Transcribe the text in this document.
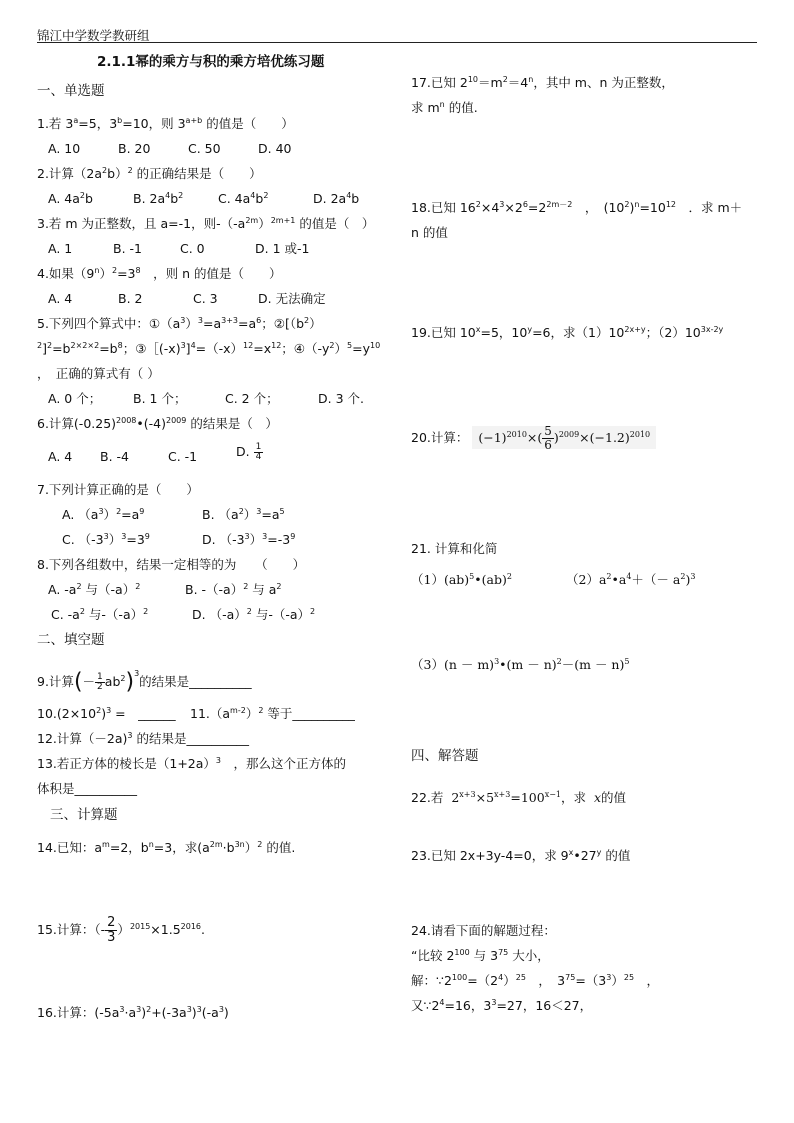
锦江中学数学教研组
2.1.1幂的乘方与积的乘方培优练习题
一、单选题
1.若 $3^a=5$，$3^b=10$，则 $3^{a+b}$ 的值是（　　）
A. 10	B. 20	C. 50	D. 40
2.计算$(2a^2b)^2$ 的正确结果是（　　）
A. $4a^2b$	B. $2a^4b^2$	C. $4a^4b^2$	D. $2a^4b$
3.若 m 为正整数，且 a=-1，则$-(-a^{2m})^{2m+1}$ 的值是（　）
A. 1	B. -1	C. 0	D. 1 或-1
4.如果$(9^n)^2=3^8$　，则 n 的值是（　　）
A. 4	B. 2	C. 3	D. 无法确定
5.下列四个算式中：$①(a^3)^3=a^{3+3}=a^6$；$②[(b^2)$
$^2]^2=b^{2\times 2\times 2}=b^8$；$③[(-x)^3]^4=(-x)^{12}=x^{12}$；$④(-y^2)^5=y^{10}$
，　正确的算式有（ ）
A. 0 个；	B. 1 个；	C. 2 个；	D. 3 个.
6.计算$(-0.25)^{2008}•(-4)^{2009}$ 的结果是（　）
A. 4 B. -4	C. -1	D. $\frac{1}{4}$
7.下列计算正确的是（　　）
A. $(a^3)^2=a^9$	B. $(a^2)^3=a^5$
C. $(-3^3)^3=3^9$	D. $(-3^3)^3=-3^9$
8.下列各组数中，结果一定相等的为　　（　　）
A. $-a^2$ 与$(-a)^2$	B. $-(-a)^2$ 与 $a^2$
C. $-a^2$ 与$-(-a)^2$	D. $(-a)^2$ 与$-(-a)^2$
二、填空题
9.计算(－ $\frac{1}{2} ab^2)^3$的结果是__________
$10.(2\times 10^2)^3$ =　______ $11.(a^{m-2})^2$ 等于__________
12.计算（－2a)$^3$ 的结果是__________
13.若正方体的棱长是$(1+2a)^3$　，那么这个正方体的
体积是__________
三、计算题
14.已知：$a^m=2$，$b^n=3$，求$(a^{2m}\cdot b^{3n})^2$ 的值.
15.计算：（- $\frac{2}{3} )^{2015}\times 1.5^{2016}$.
16.计算：$(-5a^3\cdot a^3)^2+(-3a^3)^3(-a^3)$
17.已知 $2^{10}=m^2=4^n$，其中 m、n 为正整数，
求 $m^n$ 的值.
18.已知 $16^2\times 4^3\times 2^6=2^{2m-2}$　，　$(10^2)^n=10^{12}$　．求 m＋
n 的值
19.已知 $10^x=5$，$10^y=6$，求$(1)10^{2x+y}$；$(2)10^{3x-2y}$
20.计算： $(-1)^{2010}\times( \frac{5}{6} )^{2009}\times(-1.2)^{2010}$
21. 计算和化简
（1）(ab)$^5$•(ab)$^2$	$(2)a^2•a^4+(- a^2)^3$
$(3)(n - m)^3•(m - n)^2-(m - n)^5$
四、解答题
22.若 $2^{x+3}\times 5^{x+3}=100^{x-1}$，求 x的值
23.已知 2x+3y-4=0，求 9$^x$•27$^y$ 的值
24.请看下面的解题过程：
“比较 $2^{100}$ 与 $3^{75}$ 大小，
解：$\because 2^{100}=(2^4)^{25}$　，　$3^{75}=(3^3)^{25}$　，
又$\because 2^4=16$，$3^3=27$，16＜27，
